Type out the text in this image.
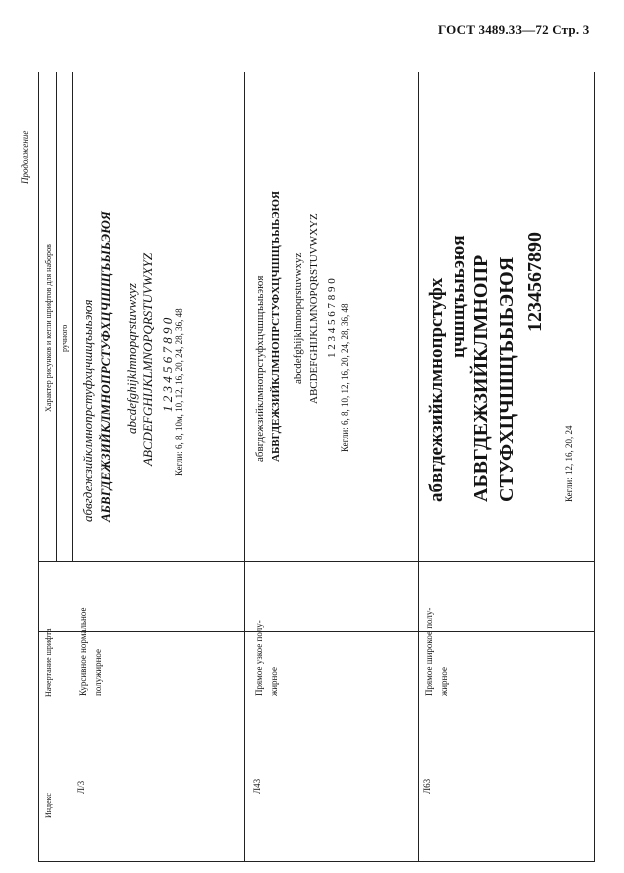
ГОСТ 3489.33—72 Стр. 3
Продолжение
Индекс
Начертание шрифта
Характер рисунков и кегли шрифтов для наборов ручного
Л/3
Курсивное нормальное полужирное
абвгдежзийклмнопрстуфхцчшщъыьэюя АБВГДЕЖЗИЙКЛМНОПРСТУФХЦЧШЩЪЫЬЭЮЯ abcdefghijklmnopqrstuvwxyz ABCDEFGHIJKLMNOPQRSTUVWXYZ 1 2 3 4 5 6 7 8 9 0 Кегли: 6, 8, 10м, 10, 12, 16, 20, 24, 28, 36, 48
Л43
Прямое узкое полу- жирное
абвгдежзийклмнопрстуфхцчшщъыьэюя АБВГДЕЖЗИЙКЛМНОПРСТУФХЦЧШЩЪЫЬЭЮЯ abcdefghijklmnopqrstuvwxyz ABCDEFGHIJKLMNOPQRSTUVWXYZ 1 2 3 4 5 6 7 8 9 0 Кегли: 6, 8, 10, 12, 16, 20, 24, 28, 36, 48
Л63
Прямое широкое полу- жирное
абвгдежзийклмнопрстуфх цчшщъыьэюя АБВГДЕЖЗИЙКЛМНОПР СТУФХЦЧШЩЪЫЬЭЮЯ 1234567890
Кегли: 12, 16, 20, 24
